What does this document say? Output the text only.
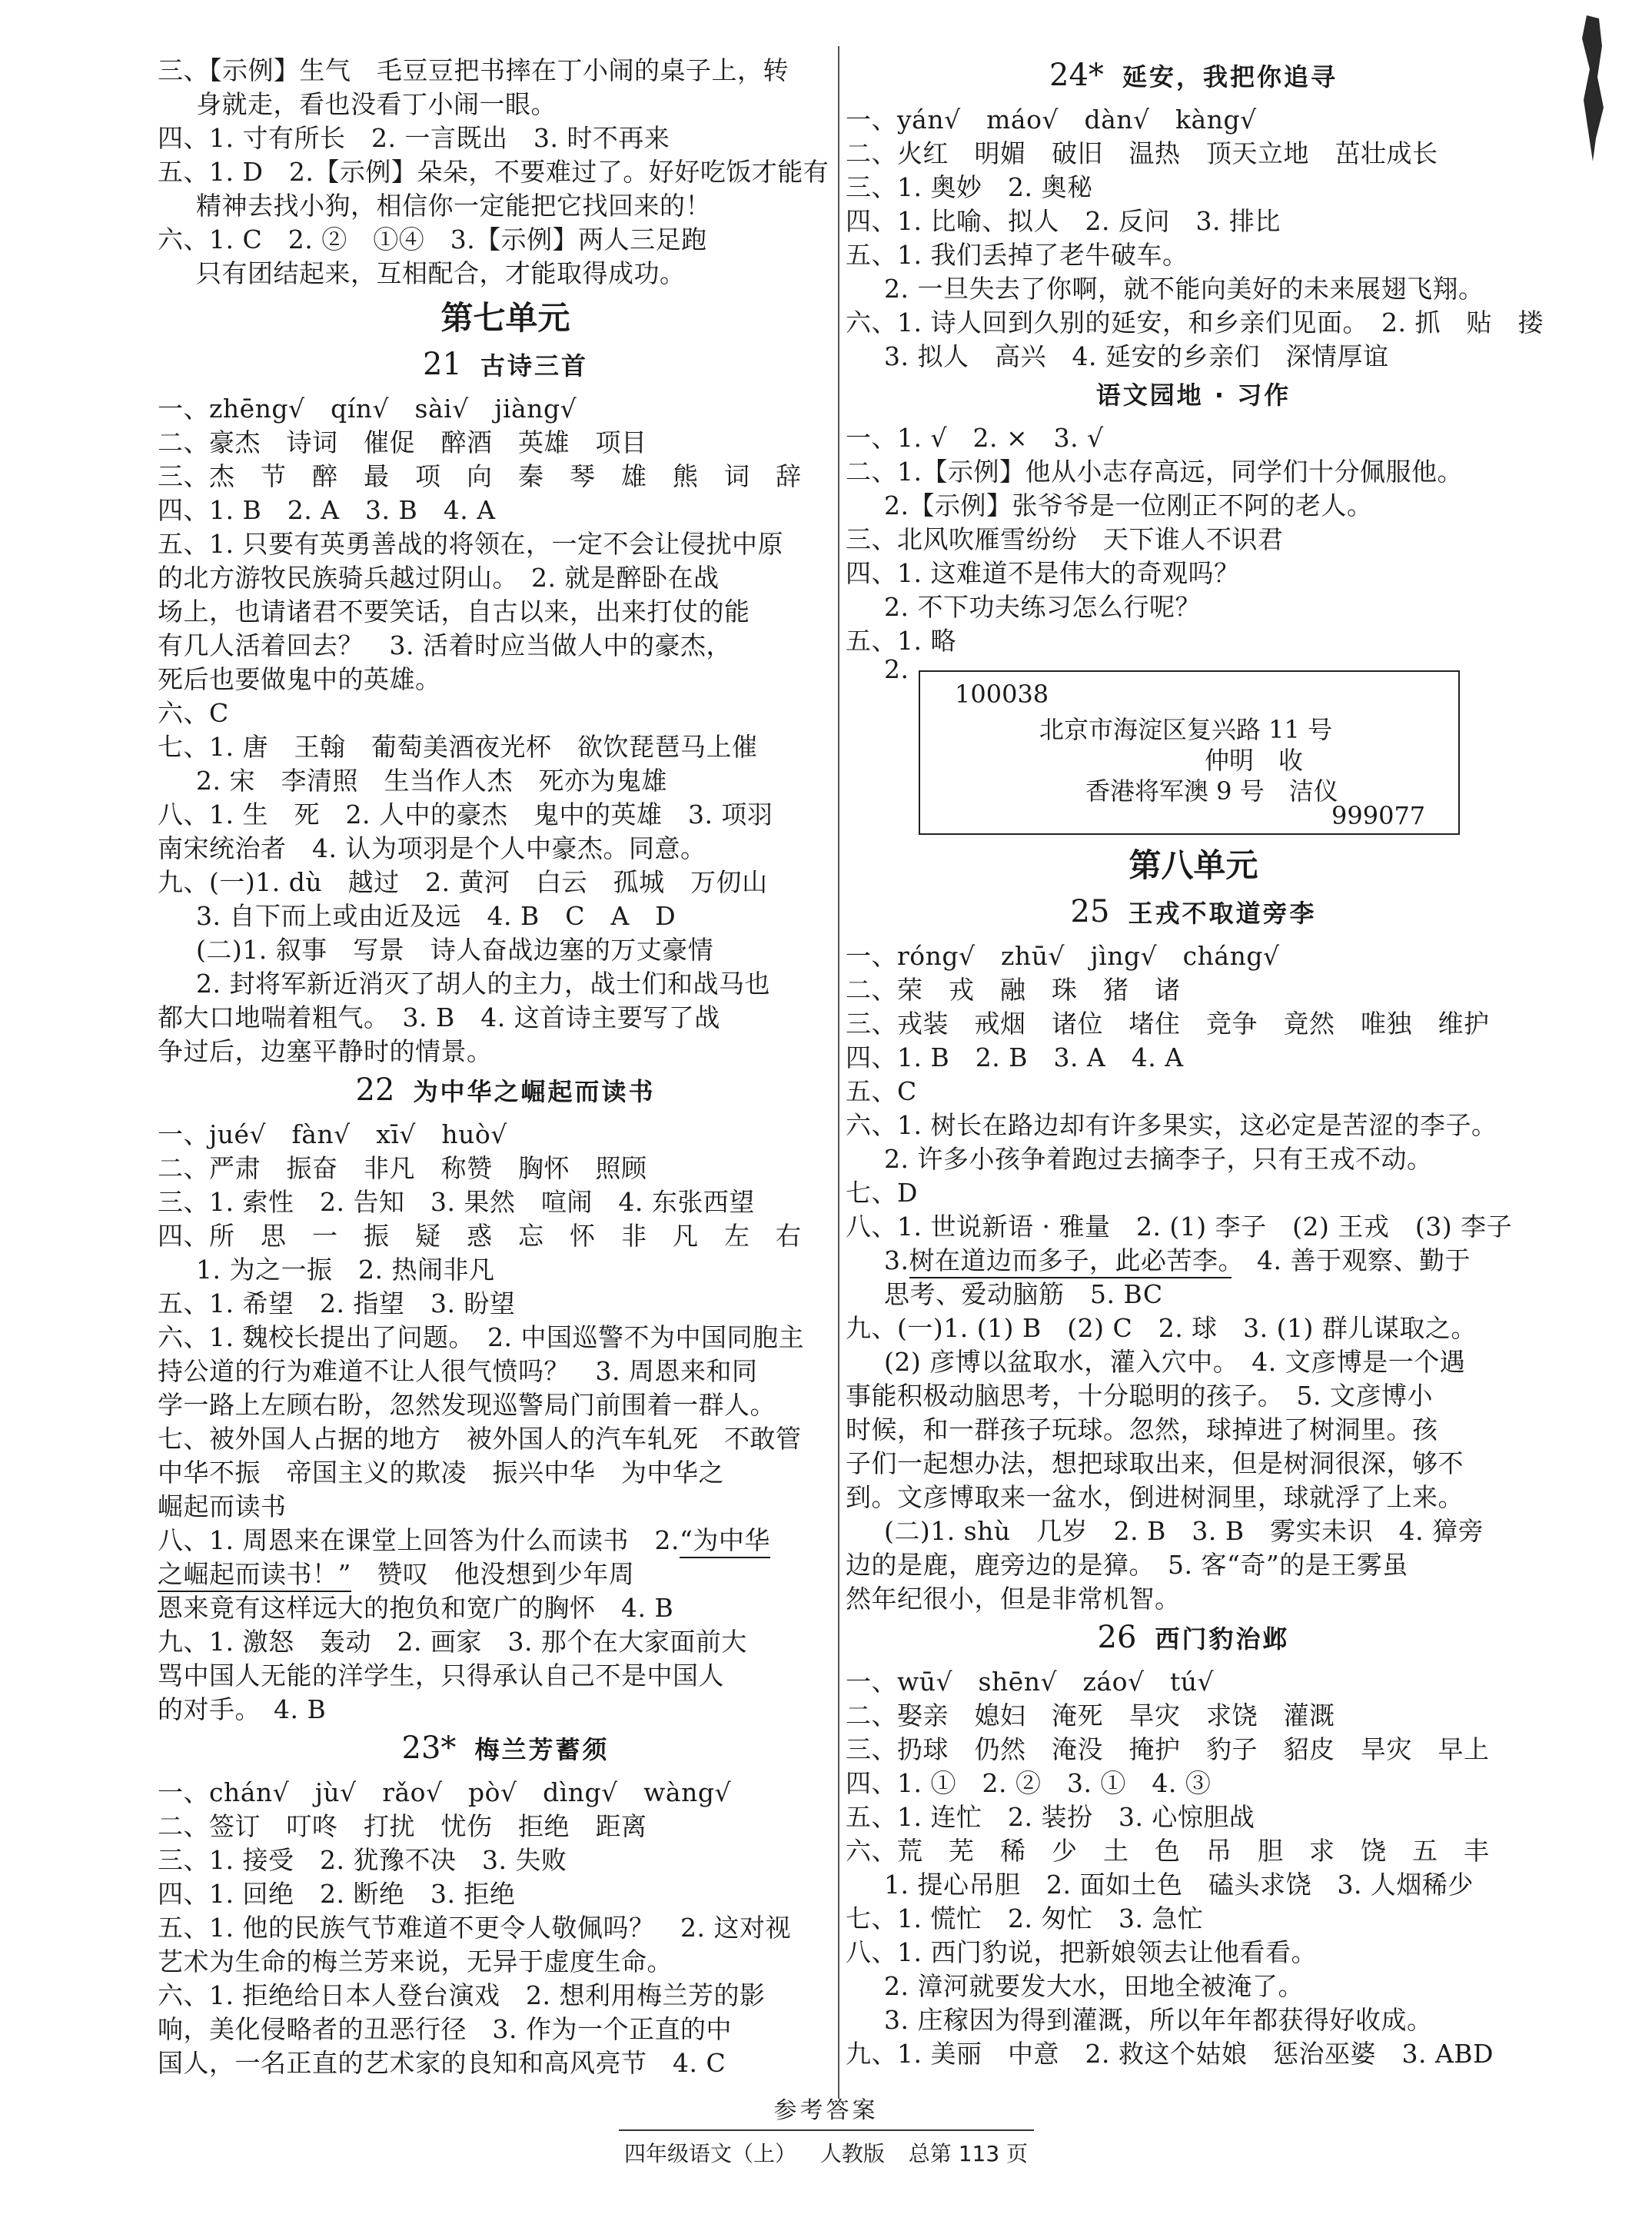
三、【示例】生气　毛豆豆把书摔在丁小闹的桌子上，转
身就走，看也没看丁小闹一眼。
四、1. 寸有所长　2. 一言既出　3. 时不再来
五、1. D　2.【示例】朵朵，不要难过了。好好吃饭才能有
精神去找小狗，相信你一定能把它找回来的！
六、1. C　2. ②　①④　3.【示例】两人三足跑
只有团结起来，互相配合，才能取得成功。
第七单元
21 古诗三首
一、zhēng√　qín√　sài√　jiàng√
二、豪杰　诗词　催促　醉酒　英雄　项目
三、杰　节　醉　最　项　向　秦　琴　雄　熊　词　辞
四、1. B　2. A　3. B　4. A
五、1. 只要有英勇善战的将领在，一定不会让侵扰中原
的北方游牧民族骑兵越过阴山。　2. 就是醉卧在战
场上，也请诸君不要笑话，自古以来，出来打仗的能
有几人活着回去？　3. 活着时应当做人中的豪杰，
死后也要做鬼中的英雄。
六、C
七、1. 唐　王翰　葡萄美酒夜光杯　欲饮琵琶马上催
2. 宋　李清照　生当作人杰　死亦为鬼雄
八、1. 生　死　2. 人中的豪杰　鬼中的英雄　3. 项羽
南宋统治者　4. 认为项羽是个人中豪杰。同意。
九、(一)1. dù　越过　2. 黄河　白云　孤城　万仞山
3. 自下而上或由近及远　4. B　C　A　D
(二)1. 叙事　写景　诗人奋战边塞的万丈豪情
2. 封将军新近消灭了胡人的主力，战士们和战马也
都大口地喘着粗气。　3. B　4. 这首诗主要写了战
争过后，边塞平静时的情景。
22 为中华之崛起而读书
一、jué√　fàn√　xī√　huò√
二、严肃　振奋　非凡　称赞　胸怀　照顾
三、1. 索性　2. 告知　3. 果然　喧闹　4. 东张西望
四、所　思　一　振　疑　惑　忘　怀　非　凡　左　右
1. 为之一振　2. 热闹非凡
五、1. 希望　2. 指望　3. 盼望
六、1. 魏校长提出了问题。　2. 中国巡警不为中国同胞主
持公道的行为难道不让人很气愤吗？　3. 周恩来和同
学一路上左顾右盼，忽然发现巡警局门前围着一群人。
七、被外国人占据的地方　被外国人的汽车轧死　不敢管
中华不振　帝国主义的欺凌　振兴中华　为中华之
崛起而读书
八、1. 周恩来在课堂上回答为什么而读书　2.“为中华
之崛起而读书！”　赞叹　他没想到少年周
恩来竟有这样远大的抱负和宽广的胸怀　4. B
九、1. 激怒　轰动　2. 画家　3. 那个在大家面前大
骂中国人无能的洋学生，只得承认自己不是中国人
的对手。　4. B
23* 梅兰芳蓄须
一、chán√　jù√　rǎo√　pò√　dìng√　wàng√
二、签订　叮咚　打扰　忧伤　拒绝　距离
三、1. 接受　2. 犹豫不决　3. 失败
四、1. 回绝　2. 断绝　3. 拒绝
五、1. 他的民族气节难道不更令人敬佩吗？　2. 这对视
艺术为生命的梅兰芳来说，无异于虚度生命。
六、1. 拒绝给日本人登台演戏　2. 想利用梅兰芳的影
响，美化侵略者的丑恶行径　3. 作为一个正直的中
国人，一名正直的艺术家的良知和高风亮节　4. C
24* 延安，我把你追寻
一、yán√　máo√　dàn√　kàng√
二、火红　明媚　破旧　温热　顶天立地　茁壮成长
三、1. 奥妙　2. 奥秘
四、1. 比喻、拟人　2. 反问　3. 排比
五、1. 我们丢掉了老牛破车。
2. 一旦失去了你啊，就不能向美好的未来展翅飞翔。
六、1. 诗人回到久别的延安，和乡亲们见面。　2. 抓　贴　搂
3. 拟人　高兴　4. 延安的乡亲们　深情厚谊
语文园地 · 习作
一、1. √　2. ×　3. √
二、1.【示例】他从小志存高远，同学们十分佩服他。
2.【示例】张爷爷是一位刚正不阿的老人。
三、北风吹雁雪纷纷　天下谁人不识君
四、1. 这难道不是伟大的奇观吗？
2. 不下功夫练习怎么行呢？
五、1. 略
2.
100038
北京市海淀区复兴路 11 号
仲明　收
香港将军澳 9 号　洁仪
999077
第八单元
25 王戎不取道旁李
一、róng√　zhū√　jìng√　cháng√
二、荣　戎　融　珠　猪　诸
三、戎装　戒烟　诸位　堵住　竞争　竟然　唯独　维护
四、1. B　2. B　3. A　4. A
五、C
六、1. 树长在路边却有许多果实，这必定是苦涩的李子。
2. 许多小孩争着跑过去摘李子，只有王戎不动。
七、D
八、1. 世说新语 · 雅量　2. (1) 李子　(2) 王戎　(3) 李子
3.树在道边而多子，此必苦李。　4. 善于观察、勤于
思考、爱动脑筋　5. BC
九、(一)1. (1) B　(2) C　2. 球　3. (1) 群儿谋取之。
(2) 彦博以盆取水，灌入穴中。　4. 文彦博是一个遇
事能积极动脑思考，十分聪明的孩子。　5. 文彦博小
时候，和一群孩子玩球。忽然，球掉进了树洞里。孩
子们一起想办法，想把球取出来，但是树洞很深，够不
到。文彦博取来一盆水，倒进树洞里，球就浮了上来。
(二)1. shù　几岁　2. B　3. B　雾实未识　4. 獐旁
边的是鹿，鹿旁边的是獐。　5. 客“奇”的是王雾虽
然年纪很小，但是非常机智。
26 西门豹治邺
一、wū√　shēn√　záo√　tú√
二、娶亲　媳妇　淹死　旱灾　求饶　灌溉
三、扔球　仍然　淹没　掩护　豹子　貂皮　旱灾　早上
四、1. ①　2. ②　3. ①　4. ③
五、1. 连忙　2. 装扮　3. 心惊胆战
六、荒　芜　稀　少　土　色　吊　胆　求　饶　五　丰
1. 提心吊胆　2. 面如土色　磕头求饶　3. 人烟稀少
七、1. 慌忙　2. 匆忙　3. 急忙
八、1. 西门豹说，把新娘领去让他看看。
2. 漳河就要发大水，田地全被淹了。
3. 庄稼因为得到灌溉，所以年年都获得好收成。
九、1. 美丽　中意　2. 救这个姑娘　惩治巫婆　3. ABD
参考答案
四年级语文（上） 人教版 总第 113 页
